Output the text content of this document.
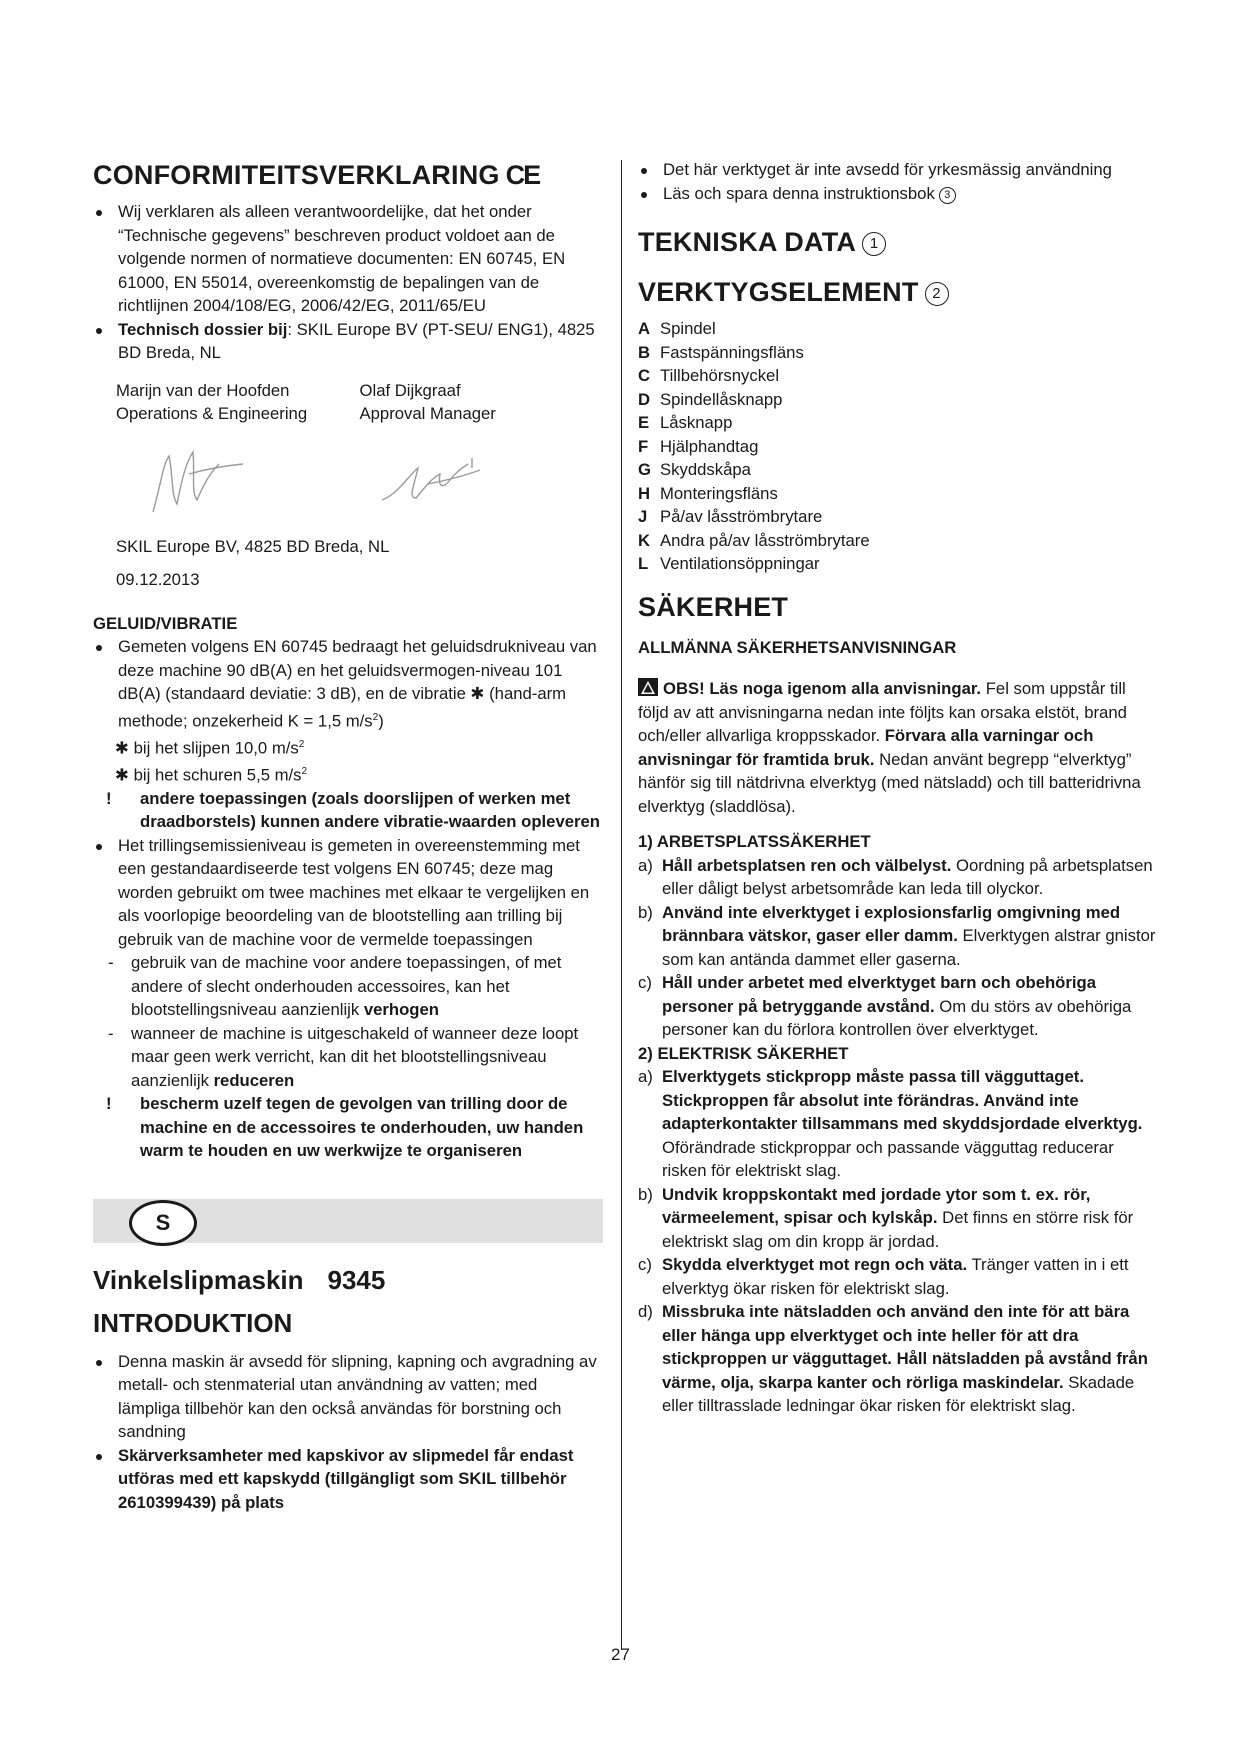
CONFORMITEITSVERKLARING CE

Wij verklaren als alleen verantwoordelijke, dat het onder “Technische gegevens” beschreven product voldoet aan de volgende normen of normatieve documenten: EN 60745, EN 61000, EN 55014, overeenkomstig de bepalingen van de richtlijnen 2004/108/EG, 2006/42/EG, 2011/65/EU

Technisch dossier bij: SKIL Europe BV (PT-SEU/ ENG1), 4825 BD Breda, NL

Marijn van der Hoofden
Operations & Engineering
Olaf Dijkgraaf
Approval Manager

SKIL Europe BV, 4825 BD Breda, NL

09.12.2013

GELUID/VIBRATIE

Gemeten volgens EN 60745 bedraagt het geluidsdrukniveau van deze machine 90 dB(A) en het geluidsvermogen-niveau 101 dB(A) (standaard deviatie: 3 dB), en de vibratie ✱ (hand-arm methode; onzekerheid K = 1,5 $m/s^2$)

✱ bij het slijpen 10,0 $m/s^2$

✱ bij het schuren 5,5 $m/s^2$

!	andere toepassingen (zoals doorslijpen of werken met draadborstels) kunnen andere vibratie-waarden opleveren

Het trillingsemissieniveau is gemeten in overeenstemming met een gestandaardiseerde test volgens EN 60745; deze mag worden gebruikt om twee machines met elkaar te vergelijken en als voorlopige beoordeling van de blootstelling aan trilling bij gebruik van de machine voor de vermelde toepassingen

-	gebruik van de machine voor andere toepassingen, of met andere of slecht onderhouden accessoires, kan het blootstellingsniveau aanzienlijk verhogen

-	wanneer de machine is uitgeschakeld of wanneer deze loopt maar geen werk verricht, kan dit het blootstellingsniveau aanzienlijk reduceren

!	bescherm uzelf tegen de gevolgen van trilling door de machine en de accessoires te onderhouden, uw handen warm te houden en uw werkwijze te organiseren

S

Vinkelslipmaskin 9345

INTRODUKTION

Denna maskin är avsedd för slipning, kapning och avgradning av metall- och stenmaterial utan användning av vatten; med lämpliga tillbehör kan den också användas för borstning och sandning

Skärverksamheter med kapskivor av slipmedel får endast utföras med ett kapskydd (tillgängligt som SKIL tillbehör 2610399439) på plats

Det här verktyget är inte avsedd för yrkesmässig användning

Läs och spara denna instruktionsbok 3

TEKNISKA DATA 1
VERKTYGSELEMENT 2

A Spindel

B Fastspänningsfläns

C Tillbehörsnyckel

D Spindellåsknapp

E Låsknapp

F Hjälphandtag

G Skyddskåpa

H Monteringsfläns

J På/av låsströmbrytare

K Andra på/av låsströmbrytare

L Ventilationsöppningar

SÄKERHET

ALLMÄNNA SÄKERHETSANVISNINGAR

OBS! Läs noga igenom alla anvisningar. Fel som uppstår till följd av att anvisningarna nedan inte följts kan orsaka elstöt, brand och/eller allvarliga kroppsskador. Förvara alla varningar och anvisningar för framtida bruk. Nedan använt begrepp “elverktyg” hänför sig till nätdrivna elverktyg (med nätsladd) och till batteridrivna elverktyg (sladdlösa).

1) ARBETSPLATSSÄKERHET

a) Håll arbetsplatsen ren och välbelyst. Oordning på arbetsplatsen eller dåligt belyst arbetsområde kan leda till olyckor.

b) Använd inte elverktyget i explosionsfarlig omgivning med brännbara vätskor, gaser eller damm. Elverktygen alstrar gnistor som kan antända dammet eller gaserna.

c) Håll under arbetet med elverktyget barn och obehöriga personer på betryggande avstånd. Om du störs av obehöriga personer kan du förlora kontrollen över elverktyget.

2) ELEKTRISK SÄKERHET

a) Elverktygets stickpropp måste passa till vägguttaget. Stickproppen får absolut inte förändras. Använd inte adapterkontakter tillsammans med skyddsjordade elverktyg. Oförändrade stickproppar och passande vägguttag reducerar risken för elektriskt slag.

b) Undvik kroppskontakt med jordade ytor som t. ex. rör, värmeelement, spisar och kylskåp. Det finns en större risk för elektriskt slag om din kropp är jordad.

c) Skydda elverktyget mot regn och väta. Tränger vatten in i ett elverktyg ökar risken för elektriskt slag.

d) Missbruka inte nätsladden och använd den inte för att bära eller hänga upp elverktyget och inte heller för att dra stickproppen ur vägguttaget. Håll nätsladden på avstånd från värme, olja, skarpa kanter och rörliga maskindelar. Skadade eller tilltrasslade ledningar ökar risken för elektriskt slag.

27
